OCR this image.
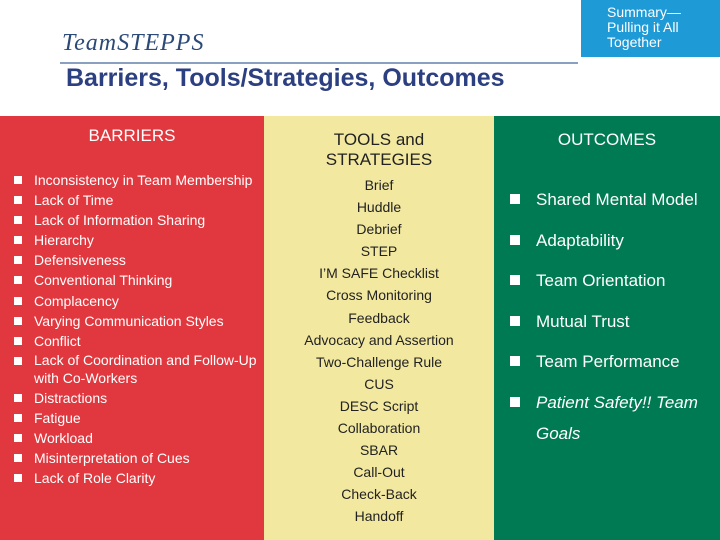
TeamSTEPPS
Summary—
Pulling it All
Together
Barriers, Tools/Strategies, Outcomes
BARRIERS
Inconsistency in Team Membership
Lack of Time
Lack of Information Sharing
Hierarchy
Defensiveness
Conventional Thinking
Complacency
Varying Communication Styles
Conflict
Lack of Coordination and Follow-Up with Co-Workers
Distractions
Fatigue
Workload
Misinterpretation of Cues
Lack of Role Clarity
TOOLS and
STRATEGIES
Brief
Huddle
Debrief
STEP
I’M SAFE Checklist
Cross Monitoring
Feedback
Advocacy and Assertion
Two-Challenge Rule
CUS
DESC Script
Collaboration
SBAR
Call-Out
Check-Back
Handoff
OUTCOMES
Shared Mental Model
Adaptability
Team Orientation
Mutual Trust
Team Performance
Patient Safety!! Team Goals
